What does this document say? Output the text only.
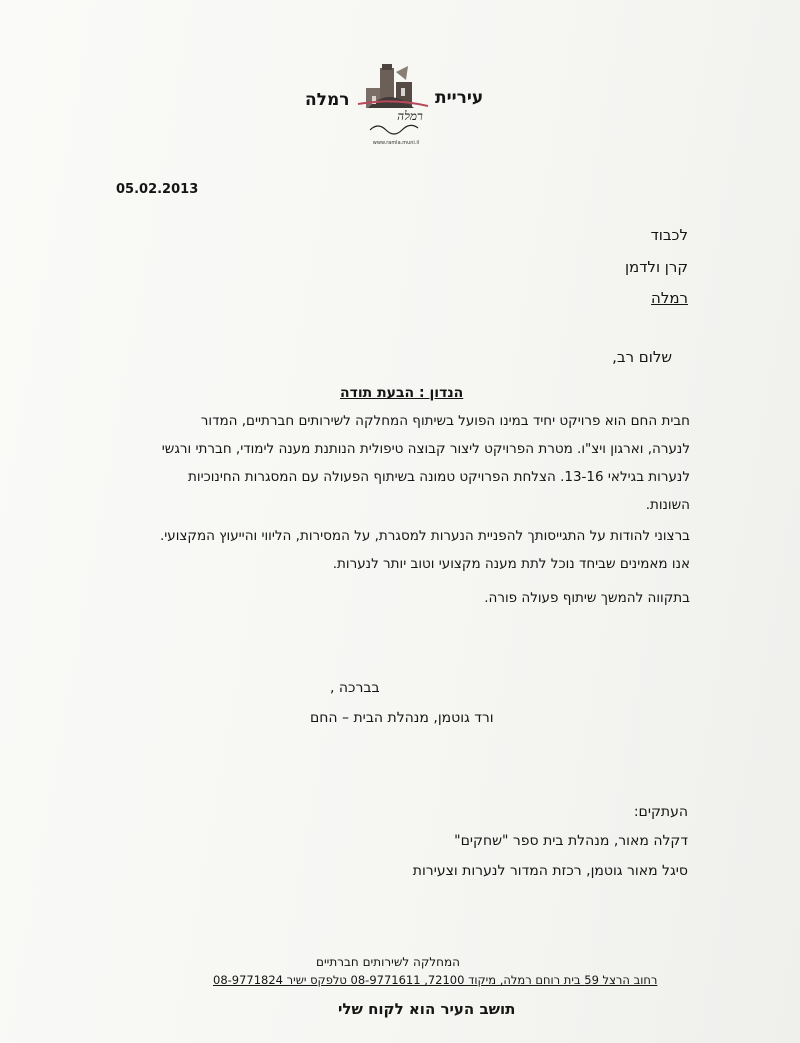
עיריית
רמלה
רמלה
www.ramla.muni.il
05.02.2013
לכבוד
קרן ולדמן
רמלה
שלום רב,
הנדון : הבעת תודה
חבית החם הוא פרויקט יחיד במינו הפועל בשיתוף המחלקה לשירותים חברתיים, המדור
לנערה, וארגון ויצ"ו. מטרת הפרויקט ליצור קבוצה טיפולית הנותנת מענה לימודי, חברתי ורגשי
לנערות בגילאי 13-16. הצלחת הפרויקט טמונה בשיתוף הפעולה עם המסגרות החינוכיות
השונות.
ברצוני להודות על התגייסותך להפניית הנערות למסגרת, על המסירות, הליווי והייעוץ המקצועי.
אנו מאמינים שביחד נוכל לתת מענה מקצועי וטוב יותר לנערות.
בתקווה להמשך שיתוף פעולה פורה.
בברכה ,
ורד גוטמן, מנהלת הבית – החם
העתקים:
דקלה מאור, מנהלת בית ספר "שחקים"
סיגל מאור גוטמן, רכזת המדור לנערות וצעירות
המחלקה לשירותים חברתיים
רחוב הרצל 59 בית רוחם רמלה, מיקוד 72100, 08-9771611 טלפקס ישיר 08-9771824
תושב העיר הוא לקוח שלי
